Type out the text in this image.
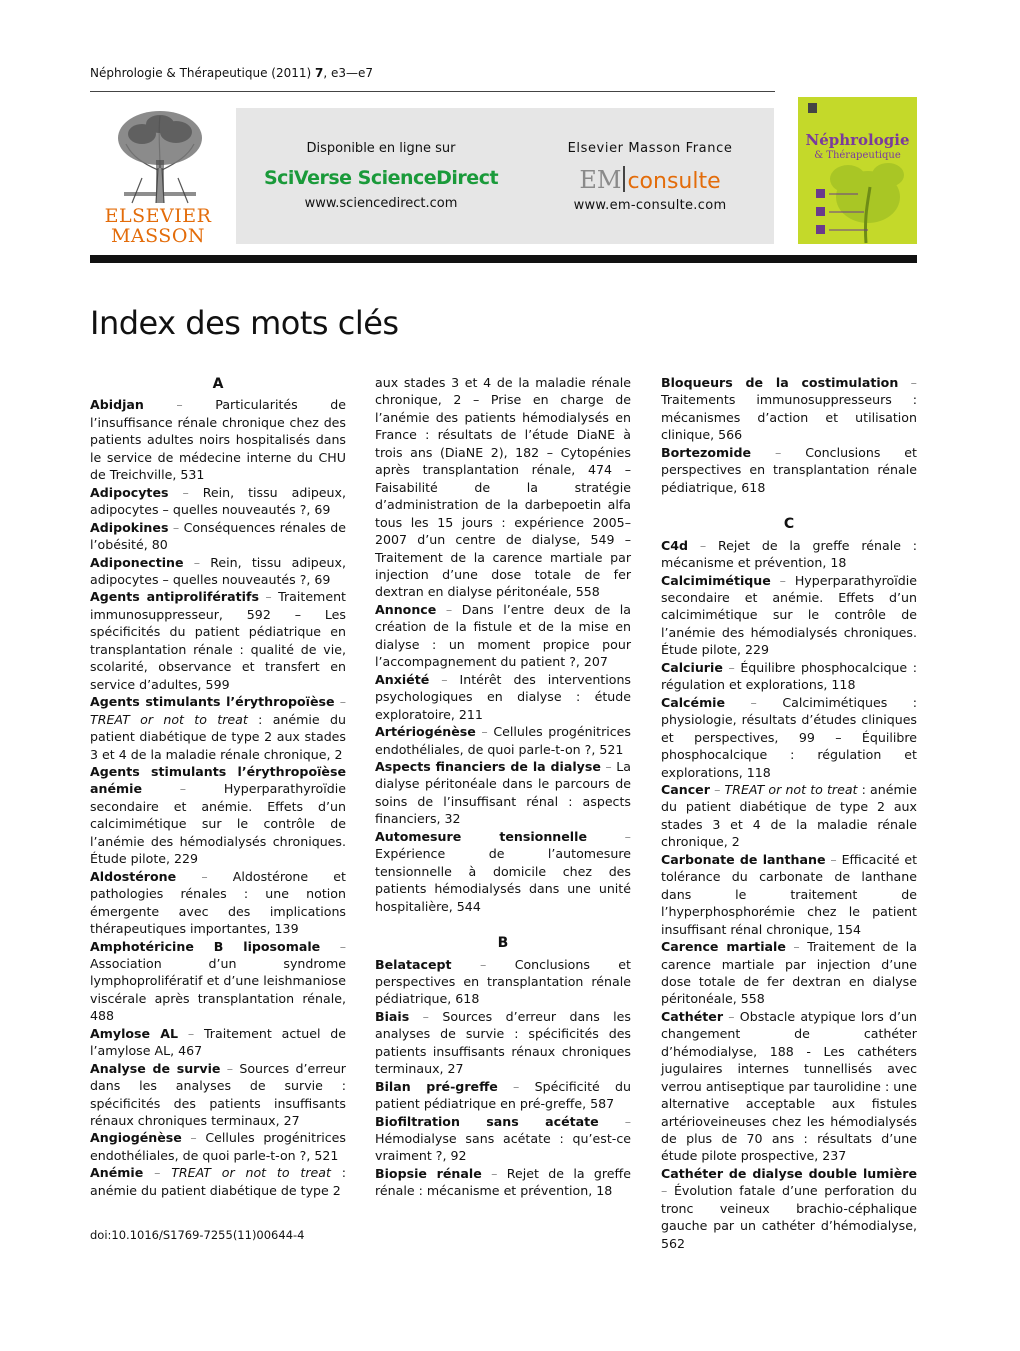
Néphrologie & Thérapeutique (2011) 7, e3—e7
ELSEVIER
MASSON
Disponible en ligne sur
SciVerse ScienceDirect
www.sciencedirect.com
Elsevier Masson France
EM consulte
www.em-consulte.com
Néphrologie
& Thérapeutique
Index des mots clés
A

Abidjan – Particularités de l’insuffisance rénale chronique chez des patients adultes noirs hospitalisés dans le service de médecine interne du CHU de Treichville, 531

Adipocytes – Rein, tissu adipeux, adipocytes – quelles nouveautés ?, 69

Adipokines – Conséquences rénales de l’obésité, 80

Adiponectine – Rein, tissu adipeux, adipocytes – quelles nouveautés ?, 69

Agents antiprolifératifs – Traitement immunosuppresseur, 592 – Les spécificités du patient pédiatrique en transplantation rénale : qualité de vie, scolarité, observance et transfert en service d’adultes, 599

Agents stimulants l’érythropoïèse – TREAT or not to treat : anémie du patient diabétique de type 2 aux stades 3 et 4 de la maladie rénale chronique, 2

Agents stimulants l’érythropoïèse anémie – Hyperparathyroïdie secondaire et anémie. Effets d’un calcimimétique sur le contrôle de l’anémie des hémodialysés chroniques. Étude pilote, 229

Aldostérone – Aldostérone et pathologies rénales : une notion émergente avec des implications thérapeutiques importantes, 139

Amphotéricine B liposomale – Association d’un syndrome lymphoprolifératif et d’une leishmaniose viscérale après transplantation rénale, 488

Amylose AL – Traitement actuel de l’amylose AL, 467

Analyse de survie – Sources d’erreur dans les analyses de survie : spécificités des patients insuffisants rénaux chroniques terminaux, 27

Angiogénèse – Cellules progénitrices endothéliales, de quoi parle-t-on ?, 521

Anémie – TREAT or not to treat : anémie du patient diabétique de type 2

aux stades 3 et 4 de la maladie rénale chronique, 2 – Prise en charge de l’anémie des patients hémodialysés en France : résultats de l’étude DiaNE à trois ans (DiaNE 2), 182 – Cytopénies après transplantation rénale, 474 – Faisabilité de la stratégie d’administration de la darbepoetin alfa tous les 15 jours : expérience 2005–2007 d’un centre de dialyse, 549 – Traitement de la carence martiale par injection d’une dose totale de fer dextran en dialyse péritonéale, 558

Annonce – Dans l’entre deux de la création de la fistule et de la mise en dialyse : un moment propice pour l’accompagnement du patient ?, 207

Anxiété – Intérêt des interventions psychologiques en dialyse : étude exploratoire, 211

Artériogénèse – Cellules progénitrices endothéliales, de quoi parle-t-on ?, 521

Aspects financiers de la dialyse – La dialyse péritonéale dans le parcours de soins de l’insuffisant rénal : aspects financiers, 32

Automesure tensionnelle – Expérience de l’automesure tensionnelle à domicile chez des patients hémodialysés dans une unité hospitalière, 544

B

Belatacept – Conclusions et perspectives en transplantation rénale pédiatrique, 618

Biais – Sources d’erreur dans les analyses de survie : spécificités des patients insuffisants rénaux chroniques terminaux, 27

Bilan pré-greffe – Spécificité du patient pédiatrique en pré-greffe, 587

Biofiltration sans acétate – Hémodialyse sans acétate : qu’est-ce vraiment ?, 92

Biopsie rénale – Rejet de la greffe rénale : mécanisme et prévention, 18

Bloqueurs de la costimulation – Traitements immunosuppresseurs : mécanismes d’action et utilisation clinique, 566

Bortezomide – Conclusions et perspectives en transplantation rénale pédiatrique, 618

C

C4d – Rejet de la greffe rénale : mécanisme et prévention, 18

Calcimimétique – Hyperparathyroïdie secondaire et anémie. Effets d’un calcimimétique sur le contrôle de l’anémie des hémodialysés chroniques. Étude pilote, 229

Calciurie – Équilibre phosphocalcique : régulation et explorations, 118

Calcémie – Calcimimétiques : physiologie, résultats d’études cliniques et perspectives, 99 – Équilibre phosphocalcique : régulation et explorations, 118

Cancer – TREAT or not to treat : anémie du patient diabétique de type 2 aux stades 3 et 4 de la maladie rénale chronique, 2

Carbonate de lanthane – Efficacité et tolérance du carbonate de lanthane dans le traitement de l’hyperphosphorémie chez le patient insuffisant rénal chronique, 154

Carence martiale – Traitement de la carence martiale par injection d’une dose totale de fer dextran en dialyse péritonéale, 558

Cathéter – Obstacle atypique lors d’un changement de cathéter d’hémodialyse, 188 - Les cathéters jugulaires internes tunnellisés avec verrou antiseptique par taurolidine : une alternative acceptable aux fistules artérioveineuses chez les hémodialysés de plus de 70 ans : résultats d’une étude pilote prospective, 237

Cathéter de dialyse double lumière – Évolution fatale d’une perforation du tronc veineux brachio-céphalique gauche par un cathéter d’hémodialyse, 562

doi:10.1016/S1769-7255(11)00644-4
